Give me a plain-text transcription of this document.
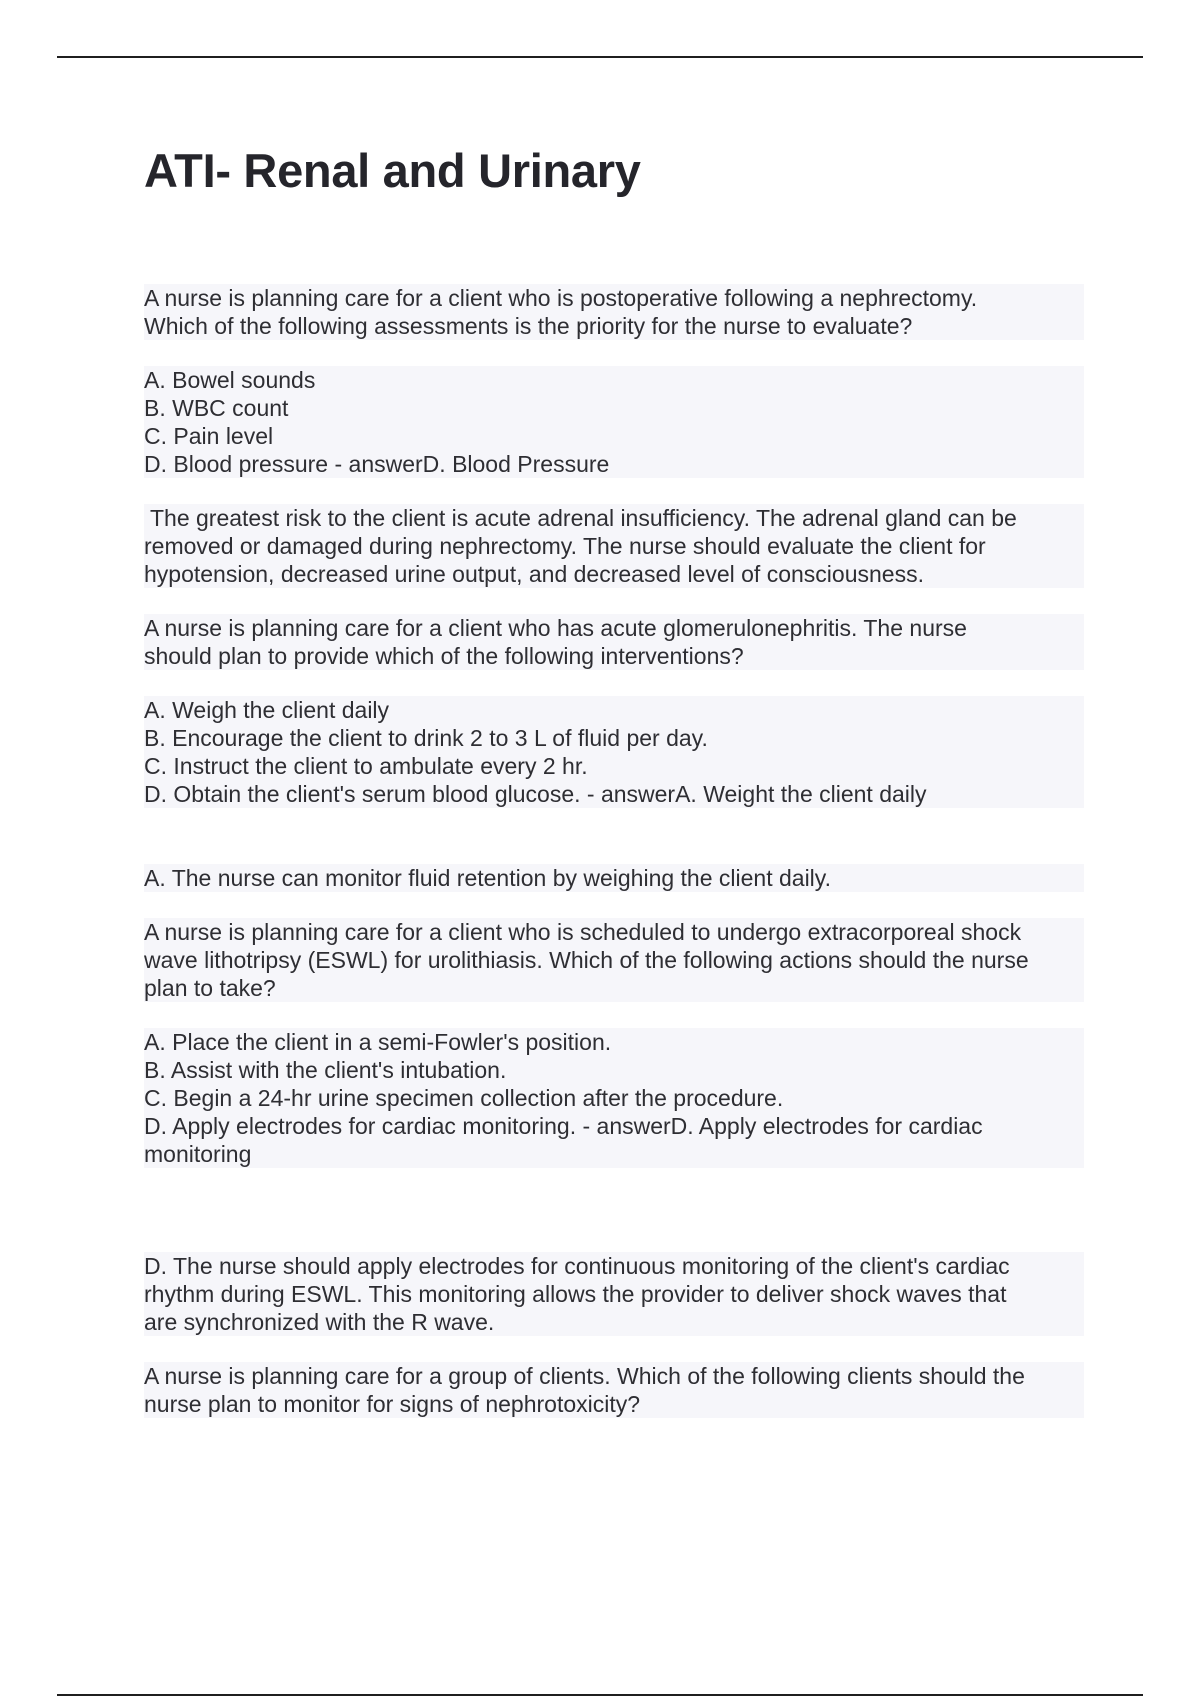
ATI- Renal and Urinary
A nurse is planning care for a client who is postoperative following a nephrectomy.
Which of the following assessments is the priority for the nurse to evaluate?
A. Bowel sounds
B. WBC count
C. Pain level
D. Blood pressure - answerD. Blood Pressure
The greatest risk to the client is acute adrenal insufficiency. The adrenal gland can be
removed or damaged during nephrectomy. The nurse should evaluate the client for
hypotension, decreased urine output, and decreased level of consciousness.
A nurse is planning care for a client who has acute glomerulonephritis. The nurse
should plan to provide which of the following interventions?
A. Weigh the client daily
B. Encourage the client to drink 2 to 3 L of fluid per day.
C. Instruct the client to ambulate every 2 hr.
D. Obtain the client's serum blood glucose. - answerA. Weight the client daily
A. The nurse can monitor fluid retention by weighing the client daily.
A nurse is planning care for a client who is scheduled to undergo extracorporeal shock
wave lithotripsy (ESWL) for urolithiasis. Which of the following actions should the nurse
plan to take?
A. Place the client in a semi-Fowler's position.
B. Assist with the client's intubation.
C. Begin a 24-hr urine specimen collection after the procedure.
D. Apply electrodes for cardiac monitoring. - answerD. Apply electrodes for cardiac
monitoring
D. The nurse should apply electrodes for continuous monitoring of the client's cardiac
rhythm during ESWL. This monitoring allows the provider to deliver shock waves that
are synchronized with the R wave.
A nurse is planning care for a group of clients. Which of the following clients should the
nurse plan to monitor for signs of nephrotoxicity?
